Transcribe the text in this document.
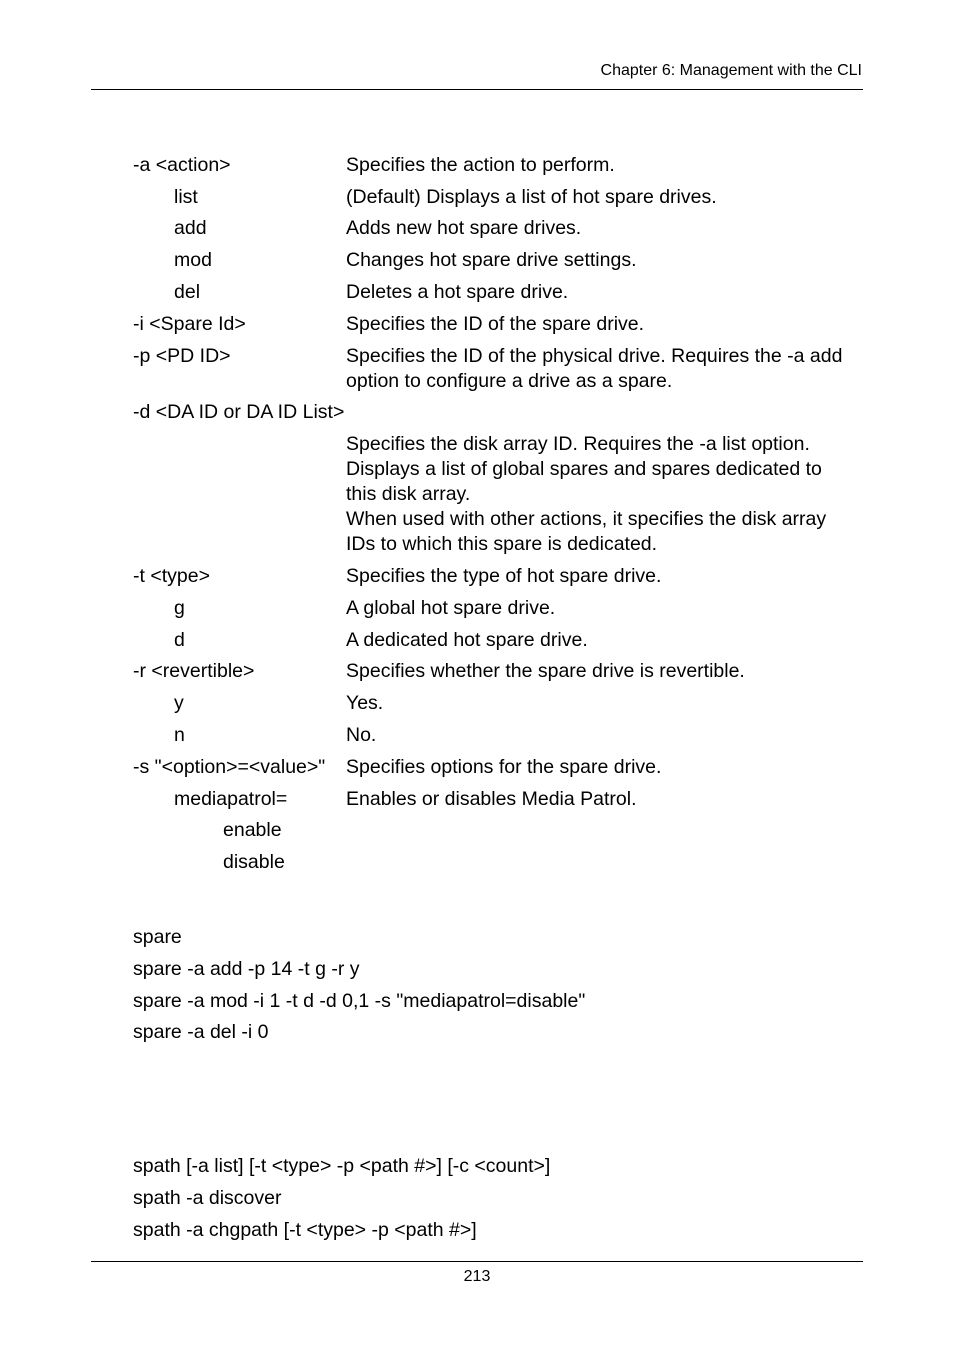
Chapter 6: Management with the CLI
-a <action>	Specifies the action to perform.
list	(Default) Displays a list of hot spare drives.
add	Adds new hot spare drives.
mod	Changes hot spare drive settings.
del	Deletes a hot spare drive.
-i <Spare Id>	Specifies the ID of the spare drive.
-p <PD ID>	Specifies the ID of the physical drive. Requires the -a add
option to configure a drive as a spare.
-d <DA ID or DA ID List>
Specifies the disk array ID. Requires the -a list option.
Displays a list of global spares and spares dedicated to
this disk array.
When used with other actions, it specifies the disk array
IDs to which this spare is dedicated.
-t <type>	Specifies the type of hot spare drive.
g	A global hot spare drive.
d	A dedicated hot spare drive.
-r <revertible>	Specifies whether the spare drive is revertible.
y	Yes.
n	No.
-s "<option>=<value>" Specifies options for the spare drive.
mediapatrol=	Enables or disables Media Patrol.
enable
disable
spare
spare -a add -p 14 -t g -r y
spare -a mod -i 1 -t d -d 0,1 -s "mediapatrol=disable"
spare -a del -i 0
spath [-a list] [-t <type> -p <path #>] [-c <count>]
spath -a discover
spath -a chgpath [-t <type> -p <path #>]
213
